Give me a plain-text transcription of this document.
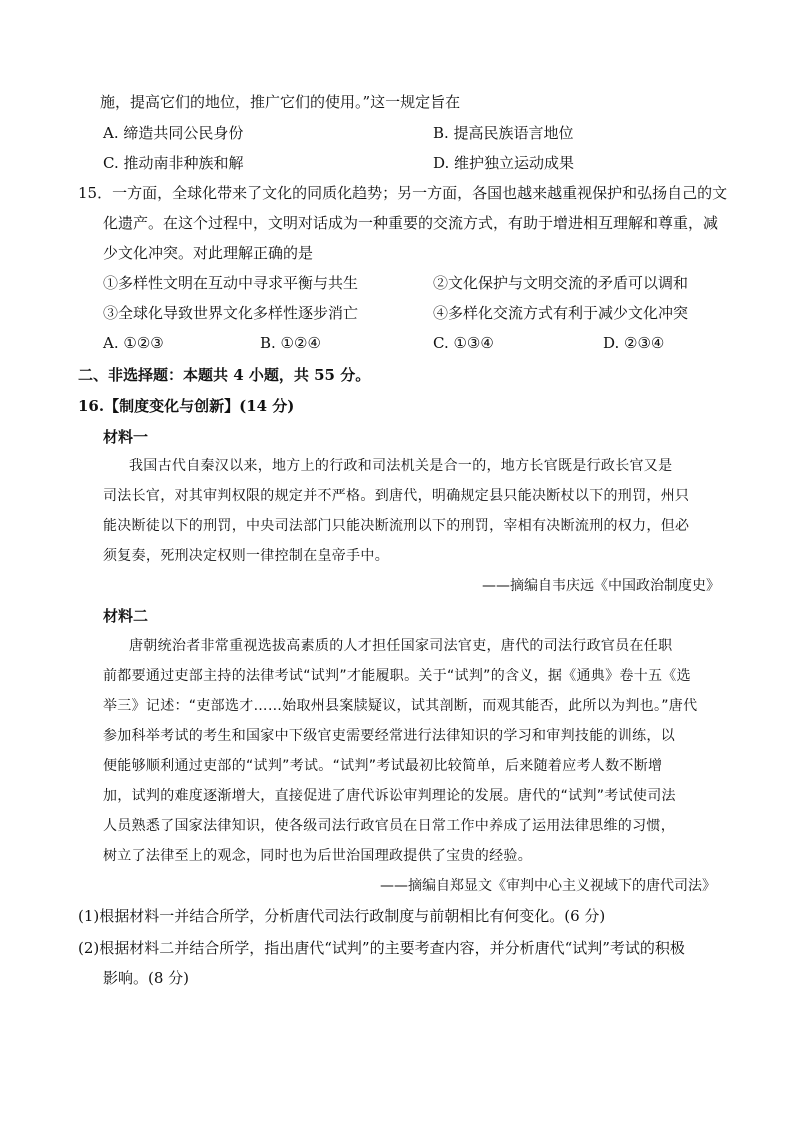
施，提高它们的地位，推广它们的使用。”这一规定旨在
A. 缔造共同公民身份	B. 提高民族语言地位
C. 推动南非种族和解	D. 维护独立运动成果
15．一方面，全球化带来了文化的同质化趋势；另一方面，各国也越来越重视保护和弘扬自己的文
化遗产。在这个过程中，文明对话成为一种重要的交流方式，有助于增进相互理解和尊重，减
少文化冲突。对此理解正确的是
①多样性文明在互动中寻求平衡与共生	②文化保护与文明交流的矛盾可以调和
③全球化导致世界文化多样性逐步消亡	④多样化交流方式有利于减少文化冲突
A. ①②③	B. ①②④	C. ①③④	D. ②③④
二、非选择题：本题共 4 小题，共 55 分。
16.【制度变化与创新】(14 分)
材料一
我国古代自秦汉以来，地方上的行政和司法机关是合一的，地方长官既是行政长官又是
司法长官，对其审判权限的规定并不严格。到唐代，明确规定县只能决断杖以下的刑罚，州只
能决断徒以下的刑罚，中央司法部门只能决断流刑以下的刑罚，宰相有决断流刑的权力，但必
须复奏，死刑决定权则一律控制在皇帝手中。
——摘编自韦庆远《中国政治制度史》
材料二
唐朝统治者非常重视选拔高素质的人才担任国家司法官吏，唐代的司法行政官员在任职
前都要通过吏部主持的法律考试“试判”才能履职。关于“试判”的含义，据《通典》卷十五《选
举三》记述：“吏部选才……始取州县案牍疑议，试其剖断，而观其能否，此所以为判也。”唐代
参加科举考试的考生和国家中下级官吏需要经常进行法律知识的学习和审判技能的训练，以
便能够顺利通过吏部的“试判”考试。“试判”考试最初比较简单，后来随着应考人数不断增
加，试判的难度逐渐增大，直接促进了唐代诉讼审判理论的发展。唐代的“试判”考试使司法
人员熟悉了国家法律知识，使各级司法行政官员在日常工作中养成了运用法律思维的习惯，
树立了法律至上的观念，同时也为后世治国理政提供了宝贵的经验。
——摘编自郑显文《审判中心主义视域下的唐代司法》
(1)根据材料一并结合所学，分析唐代司法行政制度与前朝相比有何变化。(6 分)
(2)根据材料二并结合所学，指出唐代“试判”的主要考查内容，并分析唐代“试判”考试的积极
影响。(8 分)
